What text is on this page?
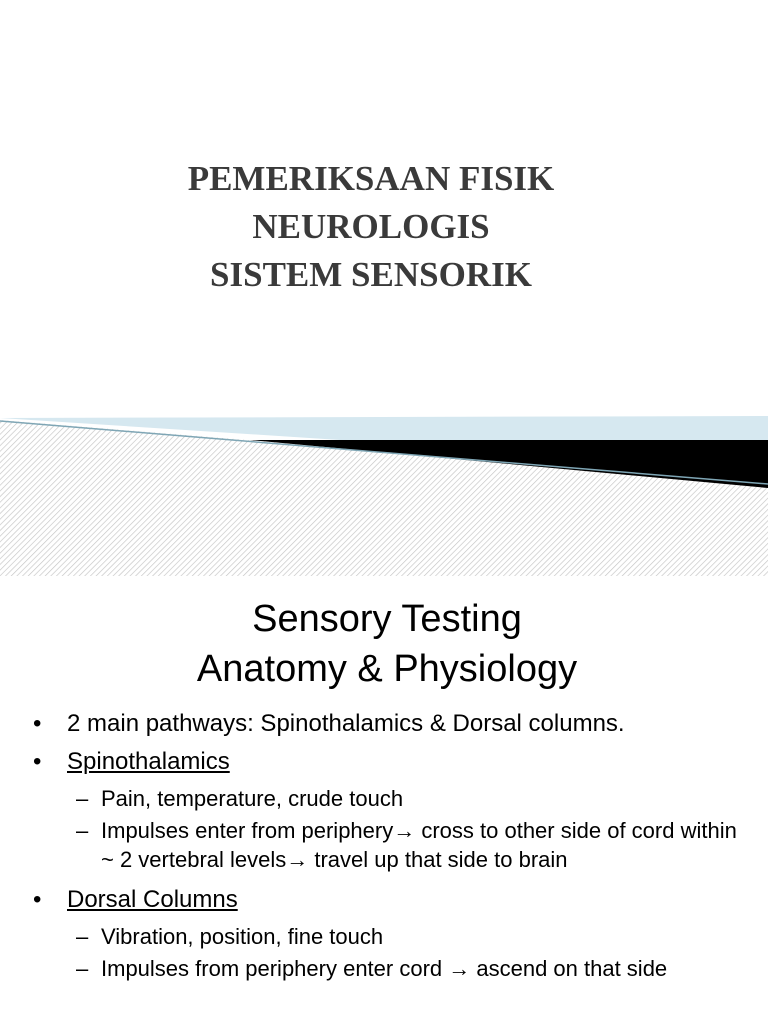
PEMERIKSAAN FISIK
NEUROLOGIS
SISTEM SENSORIK
Sensory Testing
Anatomy & Physiology
• 2 main pathways: Spinothalamics & Dorsal columns.
• Spinothalamics
– Pain, temperature, crude touch
– Impulses enter from periphery→ cross to other side of cord within ~ 2 vertebral levels→ travel up that side to brain
• Dorsal Columns
– Vibration, position, fine touch
– Impulses from periphery enter cord → ascend on that side
